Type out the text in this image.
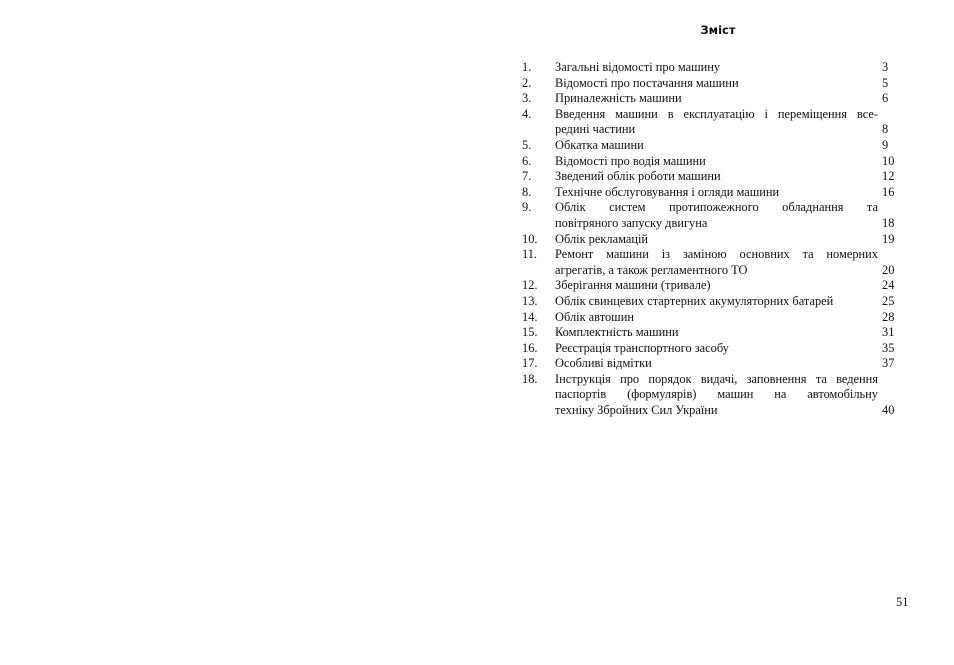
Зміст
1.	Загальні відомості про машину	3
2.	Відомості про постачання машини	5
3.	Приналежність машини	6
4.	Введення машини в експлуатацію і переміщення все-
редині частини	8
5.	Обкатка машини	9
6.	Відомості про водія машини	10
7.	Зведений облік роботи машини	12
8.	Технічне обслуговування і огляди машини	16
9.	Облік систем протипожежного обладнання та
повітряного запуску двигуна	18
10.	Облік рекламацій	19
11.	Ремонт машини із заміною основних та номерних
агрегатів, а також регламентного ТО	20
12.	Зберігання машини (тривале)	24
13.	Облік свинцевих стартерних акумуляторних батарей	25
14.	Облік автошин	28
15.	Комплектність машини	31
16.	Реєстрація транспортного засобу	35
17.	Особливі відмітки	37
18.	Інструкція про порядок видачі, заповнення та ведення
паспортів (формулярів) машин на автомобільну
техніку Збройних Сил України	40
51
